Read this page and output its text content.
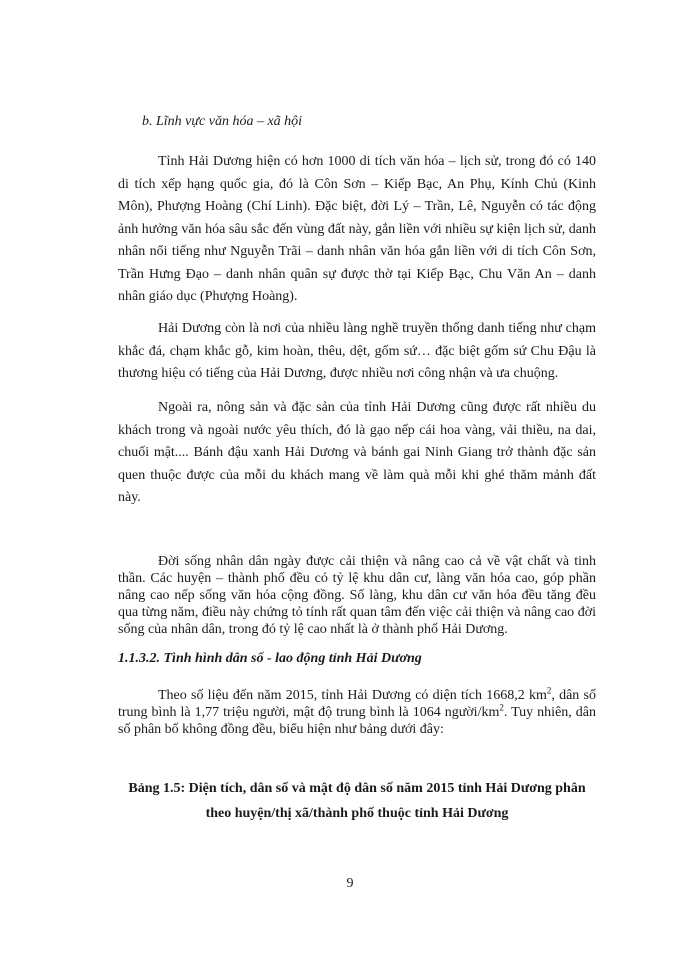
b. Lĩnh vực văn hóa – xã hội

Tỉnh Hải Dương hiện có hơn 1000 di tích văn hóa – lịch sử, trong đó có 140 di tích xếp hạng quốc gia, đó là Côn Sơn – Kiếp Bạc, An Phụ, Kính Chủ (Kinh Môn), Phượng Hoàng (Chí Linh). Đặc biệt, đời Lý – Trần, Lê, Nguyễn có tác động ảnh hưởng văn hóa sâu sắc đến vùng đất này, gắn liền với nhiều sự kiện lịch sử, danh nhân nổi tiếng như Nguyễn Trãi – danh nhân văn hóa gắn liền với di tích Côn Sơn, Trần Hưng Đạo – danh nhân quân sự được thờ tại Kiếp Bạc, Chu Văn An – danh nhân giáo dục (Phượng Hoàng).

Hải Dương còn là nơi của nhiều làng nghề truyền thống danh tiếng như chạm khắc đá, chạm khắc gỗ, kim hoàn, thêu, dệt, gốm sứ… đặc biệt gốm sứ Chu Đậu là thương hiệu có tiếng của Hải Dương, được nhiều nơi công nhận và ưa chuộng.

Ngoài ra, nông sản và đặc sản của tỉnh Hải Dương cũng được rất nhiều du khách trong và ngoài nước yêu thích, đó là gạo nếp cái hoa vàng, vải thiều, na dai, chuối mật.... Bánh đậu xanh Hải Dương và bánh gai Ninh Giang trở thành đặc sản quen thuộc được của mỗi du khách mang về làm quà mỗi khi ghé thăm mảnh đất này.

Đời sống nhân dân ngày được cải thiện và nâng cao cả về vật chất và tinh thần. Các huyện – thành phố đều có tỷ lệ khu dân cư, làng văn hóa cao, góp phần nâng cao nếp sống văn hóa cộng đồng. Số làng, khu dân cư văn hóa đều tăng đều qua từng năm, điều này chứng tỏ tính rất quan tâm đến việc cải thiện và nâng cao đời sống của nhân dân, trong đó tỷ lệ cao nhất là ở thành phố Hải Dương.

1.1.3.2. Tình hình dân số - lao động tỉnh Hải Dương

Theo số liệu đến năm 2015, tỉnh Hải Dương có diện tích 1668,2 $km^2$, dân số trung bình là 1,77 triệu người, mật độ trung bình là 1064 người/$km^2$. Tuy nhiên, dân số phân bố không đồng đều, biểu hiện như bảng dưới đây:

Bảng 1.5: Diện tích, dân số và mật độ dân số năm 2015 tỉnh Hải Dương phân theo huyện/thị xã/thành phố thuộc tỉnh Hải Dương

9
